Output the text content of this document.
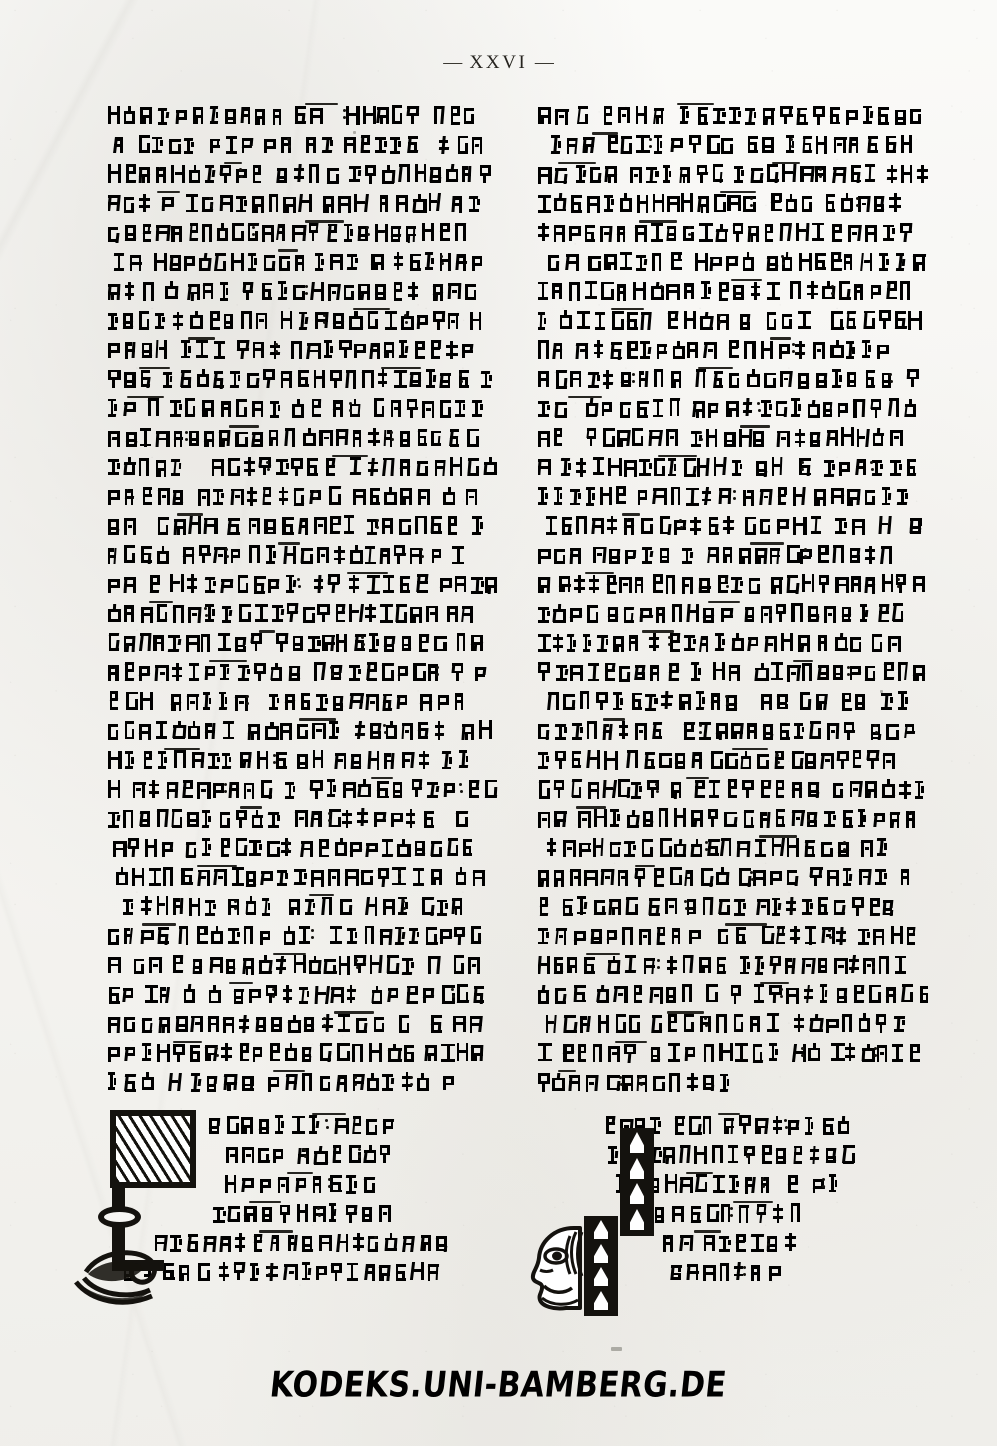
— XXVI —
KODEKS.UNI-BAMBERG.DE
